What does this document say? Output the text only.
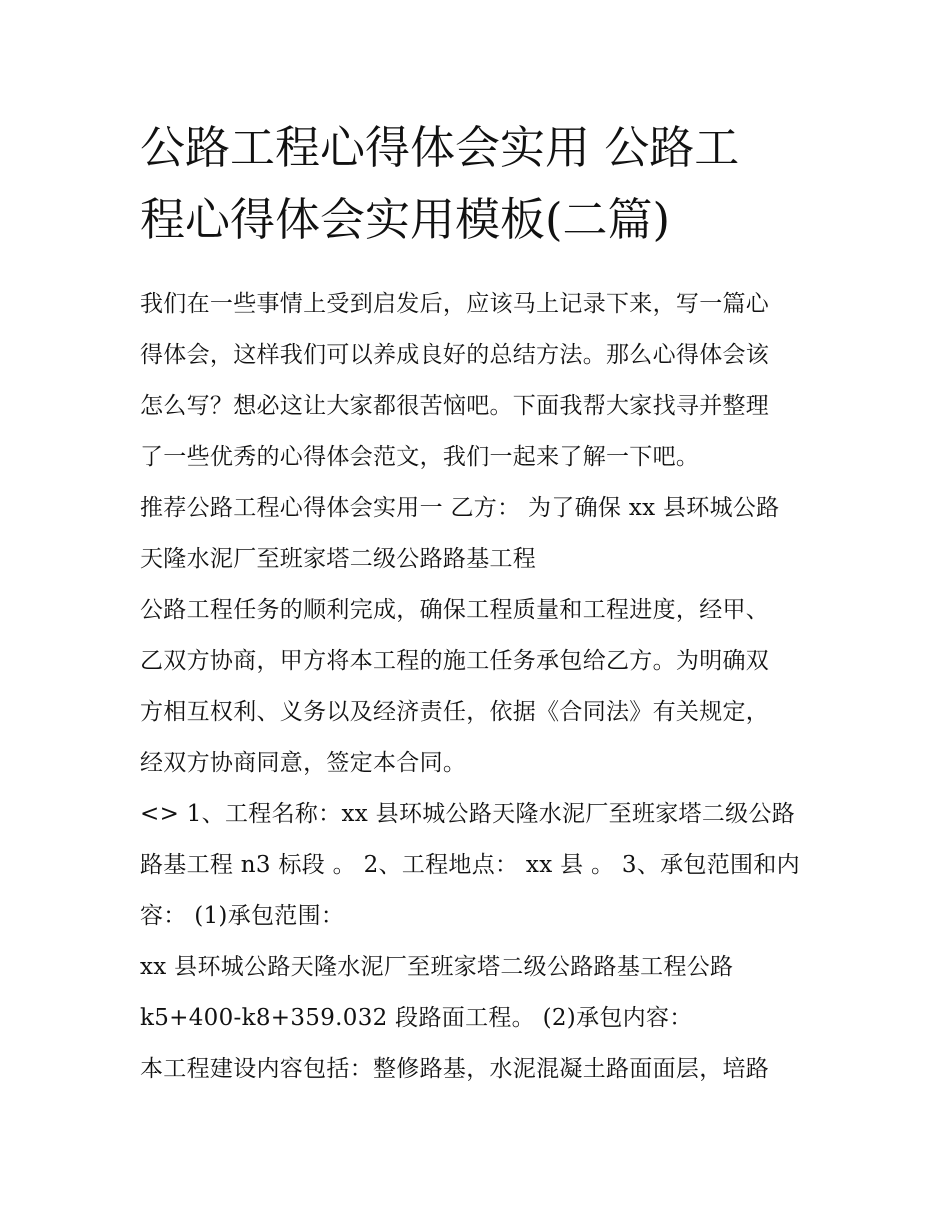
公路工程心得体会实用 公路工
程心得体会实用模板(二篇)
我们在一些事情上受到启发后，应该马上记录下来，写一篇心
得体会，这样我们可以养成良好的总结方法。那么心得体会该
怎么写？想必这让大家都很苦恼吧。下面我帮大家找寻并整理
了一些优秀的心得体会范文，我们一起来了解一下吧。
推荐公路工程心得体会实用一 乙方： 为了确保 xx 县环城公路
天隆水泥厂至班家塔二级公路路基工程
公路工程任务的顺利完成，确保工程质量和工程进度，经甲、
乙双方协商，甲方将本工程的施工任务承包给乙方。为明确双
方相互权利、义务以及经济责任，依据《合同法》有关规定，
经双方协商同意，签定本合同。
<> 1、工程名称：xx 县环城公路天隆水泥厂至班家塔二级公路
路基工程 n3 标段 。 2、工程地点： xx 县 。 3、承包范围和内
容： (1)承包范围：
xx 县环城公路天隆水泥厂至班家塔二级公路路基工程公路
k5+400-k8+359.032 段路面工程。 (2)承包内容：
本工程建设内容包括：整修路基，水泥混凝土路面面层，培路
